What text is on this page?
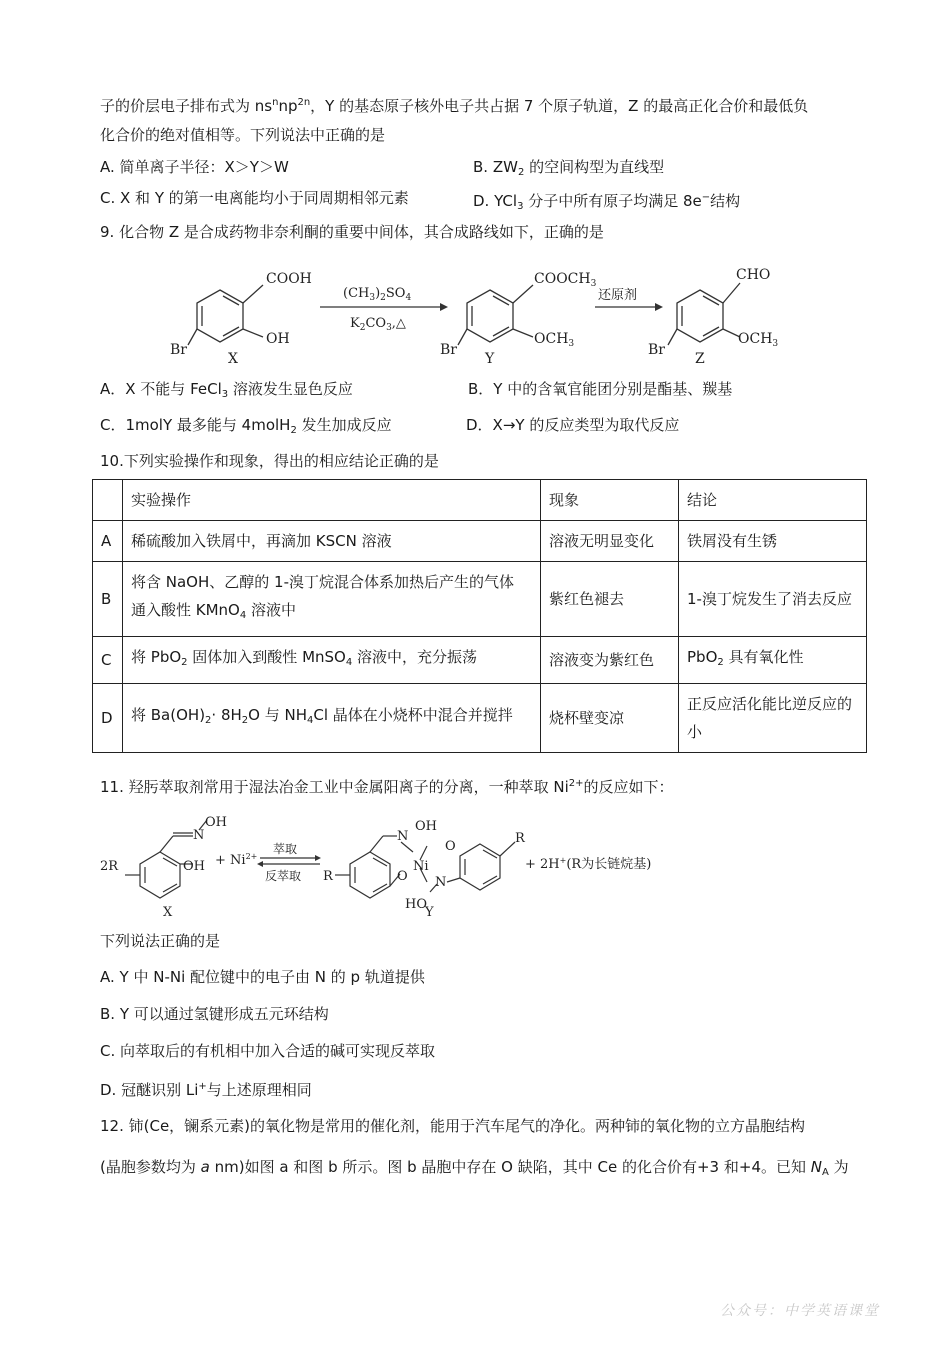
子的价层电子排布式为 $ns^nnp^{2n}$，Y 的基态原子核外电子共占据 7 个原子轨道，Z 的最高正化合价和最低负
化合价的绝对值相等。下列说法中正确的是
A. 简单离子半径：X＞Y＞W	B. $ZW_2$ 的空间构型为直线型
C. X 和 Y 的第一电离能均小于同周期相邻元素	D. YCl$_3$ 分子中所有原子均满足 8e−结构
9. 化合物 Z 是合成药物非奈利酮的重要中间体，其合成路线如下，正确的是
COOH
OH
Br
X
$(CH_3)_2SO_4$
$K_2CO_3,\triangle$
$COOCH_3$
$OCH_3$
Br
Y
还原剂
CHO
$OCH_3$
Br
Z
A．X 不能与 FeCl$_3$ 溶液发生显色反应	B．Y 中的含氧官能团分别是酯基、羰基
C．1molY 最多能与 4molH$_2$ 发生加成反应	D．X→Y 的反应类型为取代反应
10.下列实验操作和现象，得出的相应结论正确的是
	实验操作	现象	结论
A	稀硫酸加入铁屑中，再滴加 KSCN 溶液	溶液无明显变化	铁屑没有生锈
B	将含 NaOH、乙醇的 1-溴丁烷混合体系加热后产生的气体
通入酸性 KMnO$_4$ 溶液中	紫红色褪去	1-溴丁烷发生了消去反应
C	将 PbO$_2$ 固体加入到酸性 MnSO$_4$ 溶液中，充分振荡	溶液变为紫红色	PbO$_2$ 具有氧化性
D	将 $Ba(OH)_2\cdot 8H_2O$ 与 $NH_4Cl$ 晶体在小烧杯中混合并搅拌	烧杯壁变凉	正反应活化能比逆反应的小
11. 羟肟萃取剂常用于湿法冶金工业中金属阳离子的分离，一种萃取 $Ni^{2+}$的反应如下：
N
OH
OH
2R
X
+ $Ni^{2+}$
萃取
反萃取 R
N
OH
O
Ni
O
N
HO
R
Y
+ 2H+(R为长链烷基)
下列说法正确的是
A. Y 中 N-Ni 配位键中的电子由 N 的 p 轨道提供
B. Y 可以通过氢键形成五元环结构
C. 向萃取后的有机相中加入合适的碱可实现反萃取
D. 冠醚识别 Li+与上述原理相同
12. 铈(Ce，镧系元素)的氧化物是常用的催化剂，能用于汽车尾气的净化。两种铈的氧化物的立方晶胞结构
(晶胞参数均为 a nm)如图 a 和图 b 所示。图 b 晶胞中存在 O 缺陷，其中 Ce 的化合价有+3 和+4。已知 $N_A$ 为
公众号：中学英语课堂
